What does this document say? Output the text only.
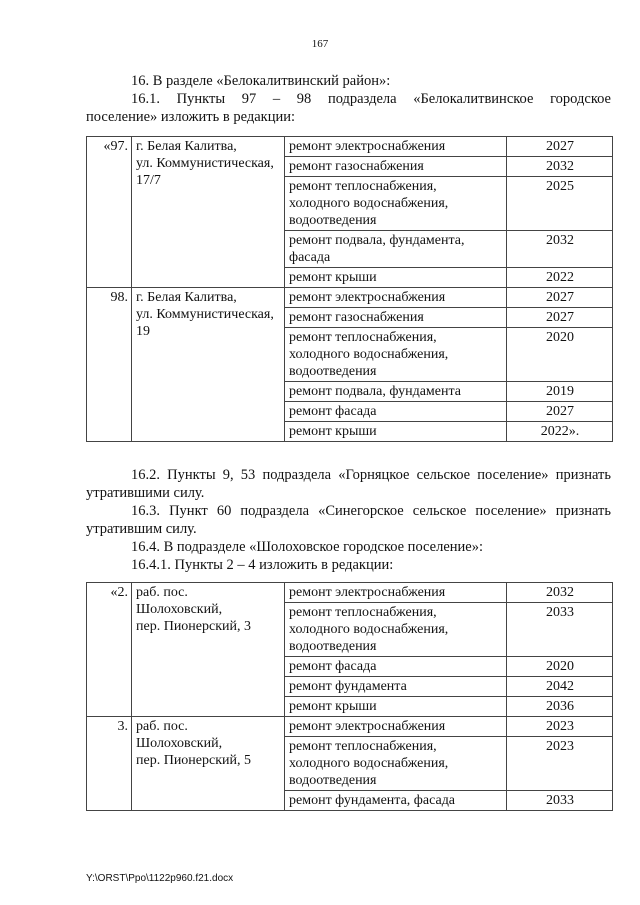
167
16. В разделе «Белокалитвинский район»:
16.1. Пункты 97 – 98 подраздела «Белокалитвинское городское
поселение» изложить в редакции:
«97.	г. Белая Калитва,
ул. Коммунистическая,
17/7	ремонт электроснабжения	2027

		ремонт газоснабжения	2032

		ремонт теплоснабжения,
холодного водоснабжения,
водоотведения	2025

		ремонт подвала, фундамента,
фасада	2032

		ремонт крыши	2022
98.	г. Белая Калитва,
ул. Коммунистическая,
19	ремонт электроснабжения	2027

		ремонт газоснабжения	2027

		ремонт теплоснабжения,
холодного водоснабжения,
водоотведения	2020

		ремонт подвала, фундамента	2019

		ремонт фасада	2027

		ремонт крыши	2022».
16.2. Пункты 9, 53 подраздела «Горняцкое сельское поселение» признать
утратившими силу.
16.3. Пункт 60 подраздела «Синегорское сельское поселение» признать
утратившим силу.
16.4. В подразделе «Шолоховское городское поселение»:
16.4.1. Пункты 2 – 4 изложить в редакции:
«2.	раб. пос.
Шолоховский,
пер. Пионерский, 3	ремонт электроснабжения	2032

		ремонт теплоснабжения,
холодного водоснабжения,
водоотведения	2033

		ремонт фасада	2020

		ремонт фундамента	2042

		ремонт крыши	2036
3.	раб. пос.
Шолоховский,
пер. Пионерский, 5	ремонт электроснабжения	2023

		ремонт теплоснабжения,
холодного водоснабжения,
водоотведения	2023

		ремонт фундамента, фасада	2033
Y:\ORST\Ppo\1122p960.f21.docx
